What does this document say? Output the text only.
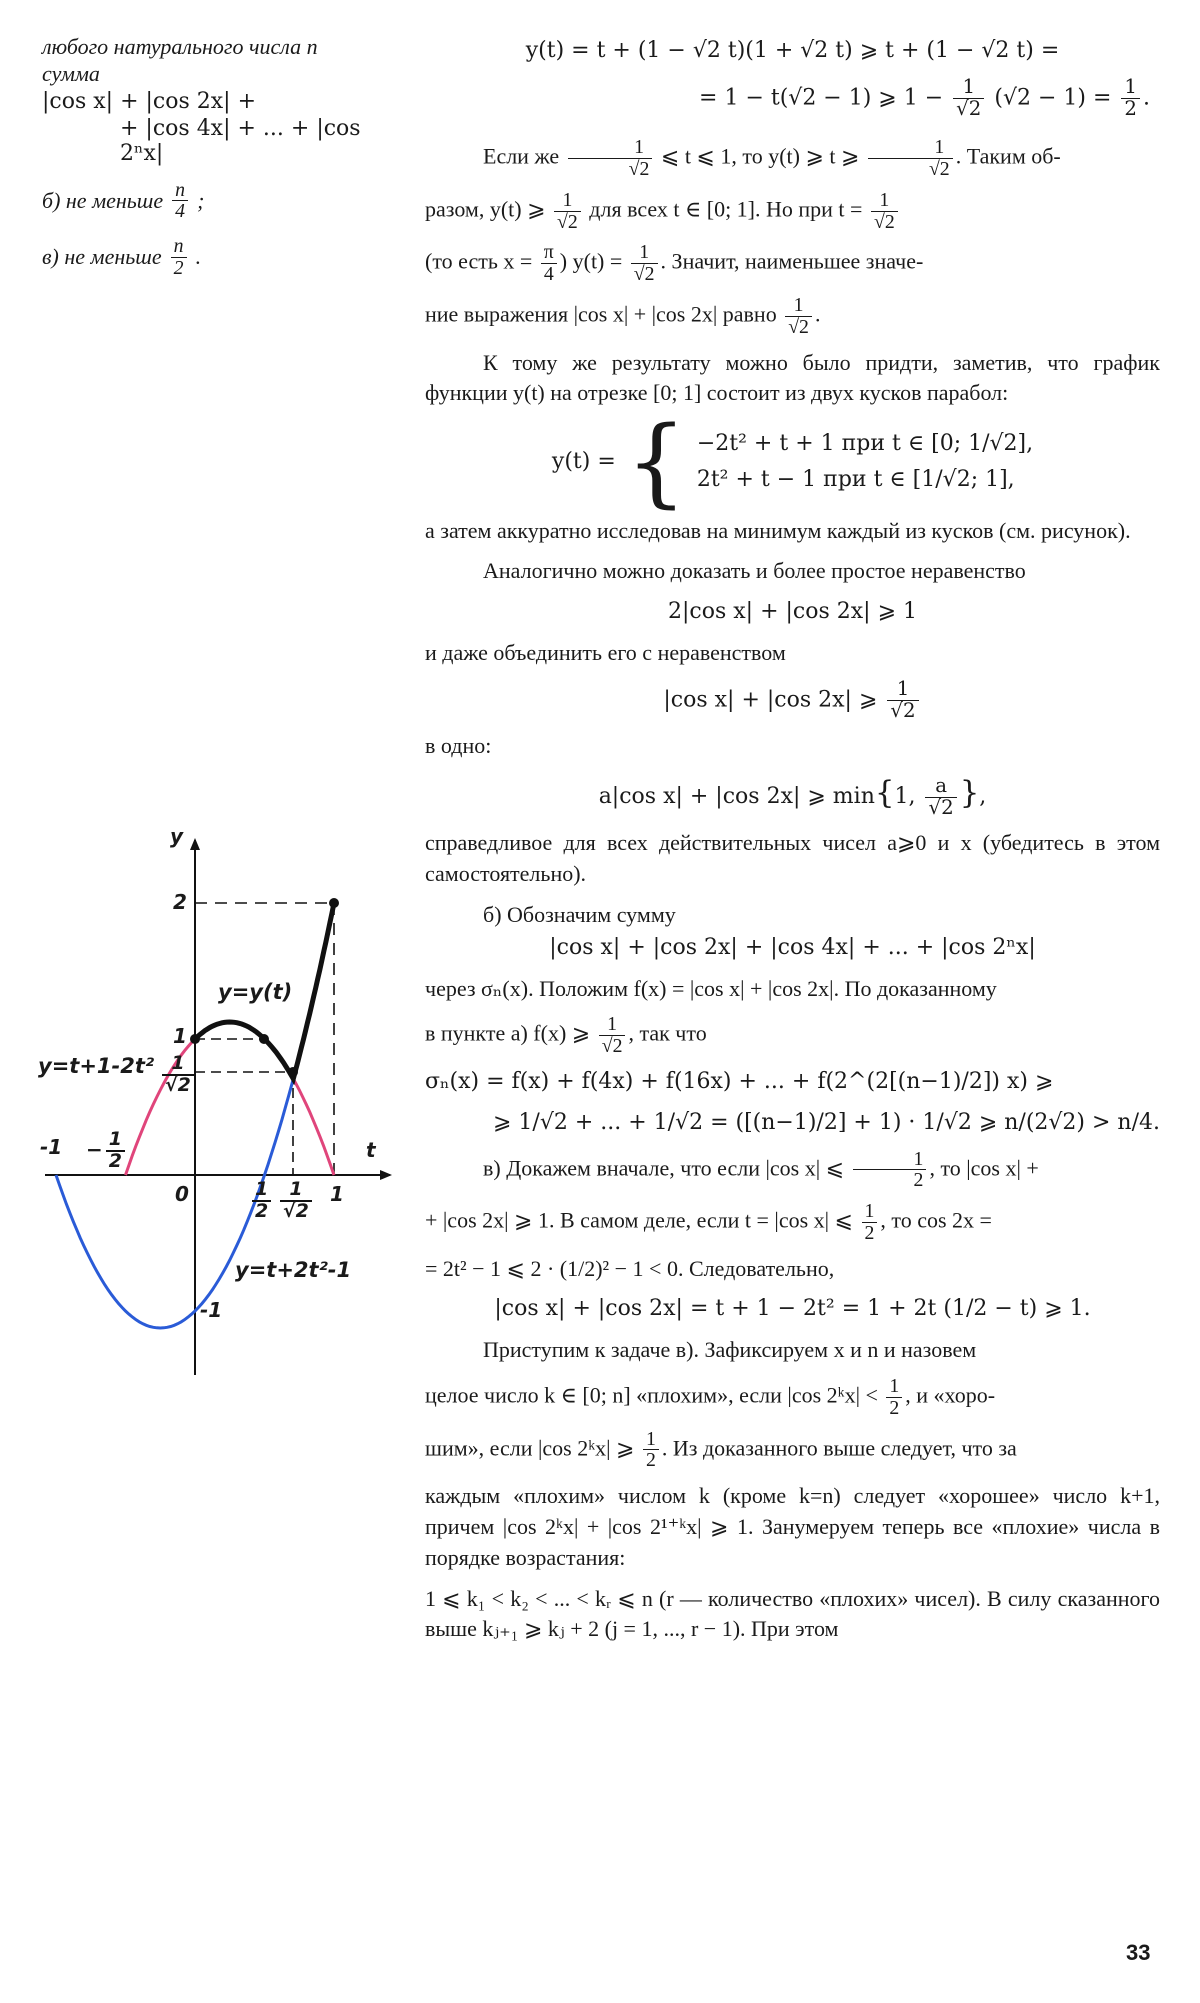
любого натурального числа n
сумма
|cos x| + |cos 2x| +
+ |cos 4x| + ... + |cos 2ⁿx|
б) не меньше $\frac{n}{4}$ ;
в) не меньше $\frac{n}{2}$ .
y
t
2
1
-1
-1
0	1
− $\frac{1}{2}$
$\frac{1}{2} \frac{1}{√2}$
$\frac{1}{√2}$
y=y(t)
y=t+1-2t²
y=t+2t²-1
y(t) = t + (1 − √2 t)(1 + √2 t) ⩾ t + (1 − √2 t) =
= 1 − t(√2 − 1) ⩾ $1 - \frac{1}{√2} (√2 - 1) = \frac{1}{2}$ .
Если же $\frac{1}{√2}$ ⩽ t ⩽ 1, то y(t) ⩾ t ⩾ $\frac{1}{√2}$ . Таким об-
разом, y(t) ⩾ $\frac{1}{√2}$ для всех t ∈ [0; 1]. Но при $t = \frac{1}{√2}$
(то есть $x = \frac{\pi}{4}$ ) $y(t) = \frac{1}{√2}$ . Значит, наименьшее значе-
ние выражения |cos x| + |cos 2x| равно $\frac{1}{√2}$ .
К тому же результату можно было придти, заметив, что график функции y(t) на отрезке [0; 1] состоит из двух кусков парабол:
y(t) = { −2t² + t + 1 при t ∈ [0; 1/√2],
2t² + t − 1 при t ∈ [1/√2; 1],
а затем аккуратно исследовав на минимум каждый из кусков (см. рисунок).
Аналогично можно доказать и более простое неравенство
2|cos x| + |cos 2x| ⩾ 1
и даже объединить его с неравенством
|cos x| + |cos 2x| ⩾ $\frac{1}{√2}$
в одно:
a|cos x| + |cos 2x| ⩾ min{1, $\frac{a}{√2}$ },
справедливое для всех действительных чисел a⩾0 и x (убедитесь в этом самостоятельно).
б) Обозначим сумму
|cos x| + |cos 2x| + |cos 4x| + ... + |cos 2ⁿx|
через σₙ(x). Положим f(x) = |cos x| + |cos 2x|. По доказанному
в пункте а) f(x) ⩾ $\frac{1}{√2}$ , так что
σₙ(x) = f(x) + f(4x) + f(16x) + ... + f(2^(2[(n−1)/2]) x) ⩾
⩾ 1/√2 + ... + 1/√2 = ([(n−1)/2] + 1) · 1/√2 ⩾ n/(2√2) > n/4.
в) Докажем вначале, что если |cos x| ⩽ $\frac{1}{2}$ , то |cos x| +
+ |cos 2x| ⩾ 1. В самом деле, если t = |cos x| ⩽ $\frac{1}{2}$ , то cos 2x =
= 2t² − 1 ⩽ 2 · (1/2)² − 1 < 0. Следовательно,
|cos x| + |cos 2x| = t + 1 − 2t² = 1 + 2t (1/2 − t) ⩾ 1.
Приступим к задаче в). Зафиксируем x и n и назовем
целое число k ∈ [0; n] «плохим», если |cos 2ᵏx| < $\frac{1}{2}$ , и «хоро-
шим», если |cos 2ᵏx| ⩾ $\frac{1}{2}$ . Из доказанного выше следует, что за
каждым «плохим» числом k (кроме k=n) следует «хорошее» число k+1, причем |cos 2ᵏx| + |cos 2¹⁺ᵏx| ⩾ 1. Занумеруем теперь все «плохие» числа в порядке возрастания:
1 ⩽ k₁ < k₂ < ... < kᵣ ⩽ n (r — количество «плохих» чисел). В силу сказанного выше kⱼ₊₁ ⩾ kⱼ + 2 (j = 1, ..., r − 1). При этом
33
